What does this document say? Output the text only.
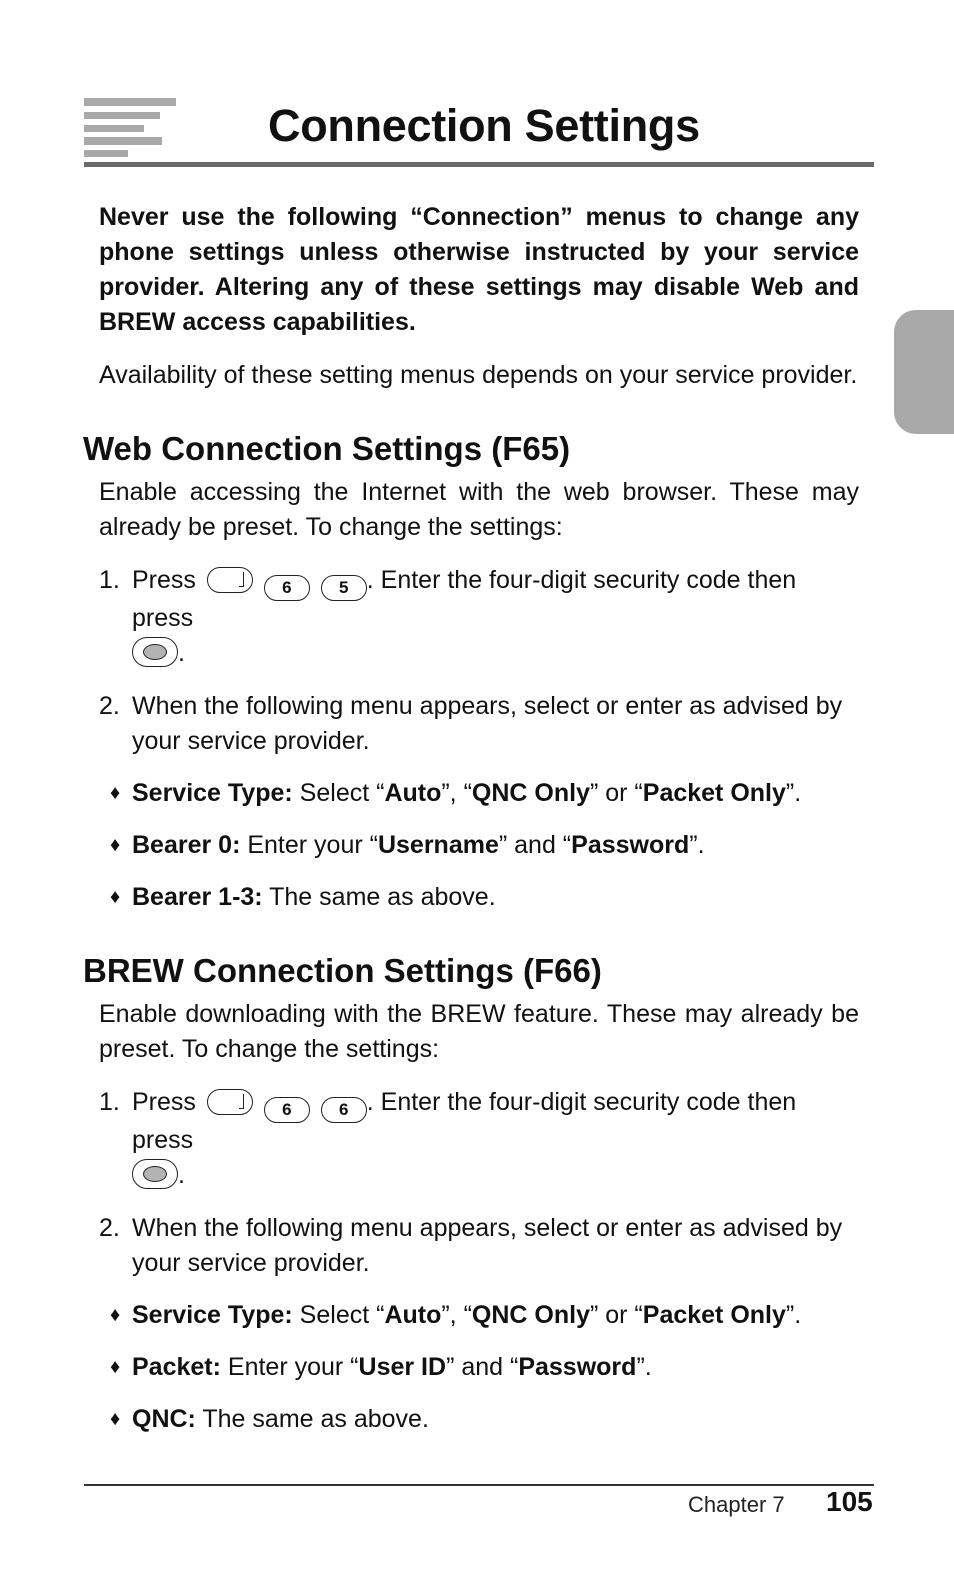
Connection Settings

Never use the following “Connection” menus to change any phone settings unless otherwise instructed by your service provider. Altering any of these settings may disable Web and BREW access capabilities.

Availability of these setting menus depends on your service provider.

Web Connection Settings (F65)

Enable accessing the Internet with the web browser. These may already be preset. To change the settings:

1. Press	6	5 . Enter the four-digit security code then press
.
2. When the following menu appears, select or enter as advised by your service provider.
♦ Service Type: Select “Auto”, “QNC Only” or “Packet Only”.
♦ Bearer 0: Enter your “Username” and “Password”.
♦ Bearer 1-3: The same as above.
BREW Connection Settings (F66)

Enable downloading with the BREW feature. These may already be preset. To change the settings:

1. Press	6	6 . Enter the four-digit security code then press
.
2. When the following menu appears, select or enter as advised by your service provider.
♦ Service Type: Select “Auto”, “QNC Only” or “Packet Only”.
♦ Packet: Enter your “User ID” and “Password”.
♦ QNC: The same as above.
Chapter 7 105
